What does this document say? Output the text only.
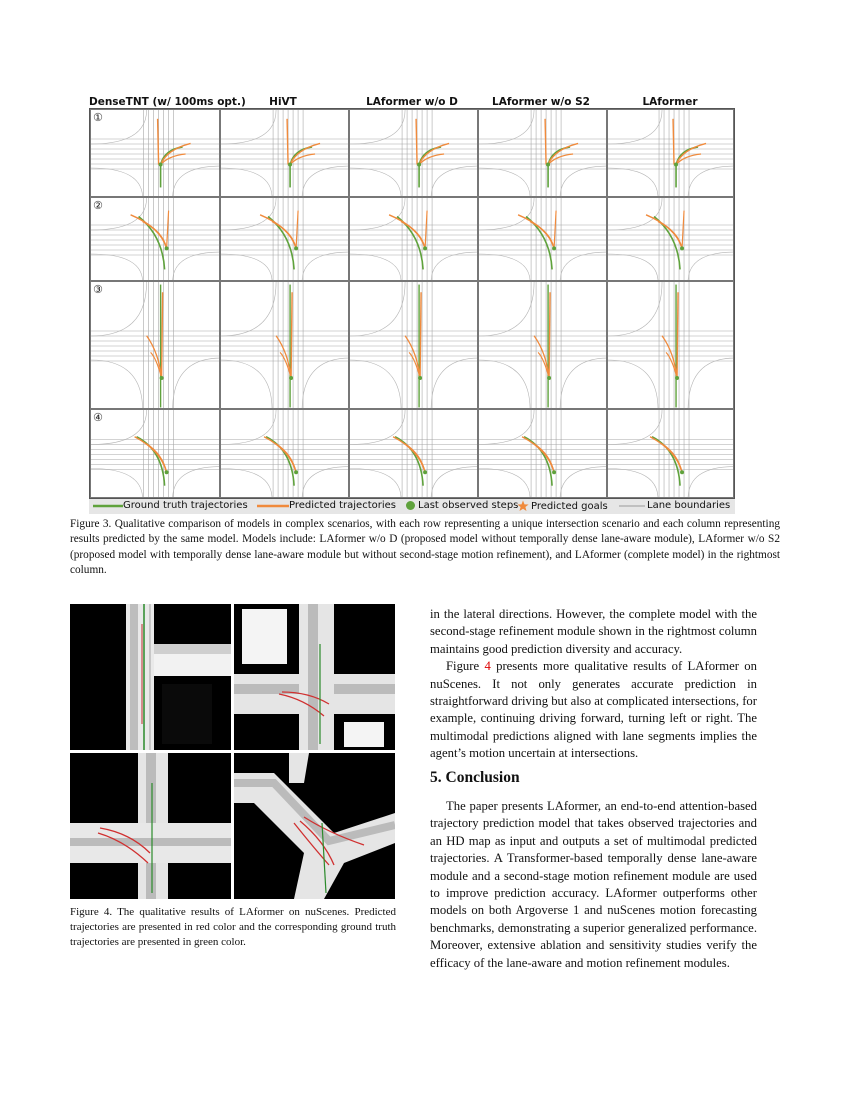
DenseTNT (w/ 100ms opt.)	HiVT	LAformer w/o D	LAformer w/o S2	LAformer
①
②
③
④
Ground truth trajectories	Predicted trajectories Last observed steps Predicted goals	Lane boundaries
Figure 3. Qualitative comparison of models in complex scenarios, with each row representing a unique intersection scenario and each column representing results predicted by the same model. Models include: LAformer w/o D (proposed model without temporally dense lane-aware module), LAformer w/o S2 (proposed model with temporally dense lane-aware module but without second-stage motion refinement), and LAformer (complete model) in the rightmost column.
Figure 4. The qualitative results of LAformer on nuScenes. Predicted trajectories are presented in red color and the corresponding ground truth trajectories are presented in green color.

in the lateral directions. However, the complete model with the second-stage refinement module shown in the rightmost column maintains good prediction diversity and accuracy.

Figure 4 presents more qualitative results of LAformer on nuScenes. It not only generates accurate prediction in straightforward driving but also at complicated intersections, for example, continuing driving forward, turning left or right. The multimodal predictions aligned with lane segments implies the agent’s motion uncertain at intersections.

5. Conclusion

The paper presents LAformer, an end-to-end attention-based trajectory prediction model that takes observed trajectories and an HD map as input and outputs a set of multimodal predicted trajectories. A Transformer-based temporally dense lane-aware module and a second-stage motion refinement module are used to improve prediction accuracy. LAformer outperforms other models on both Argoverse 1 and nuScenes motion forecasting benchmarks, demonstrating a superior generalized performance. Moreover, extensive ablation and sensitivity studies verify the efficacy of the lane-aware and motion refinement modules.
